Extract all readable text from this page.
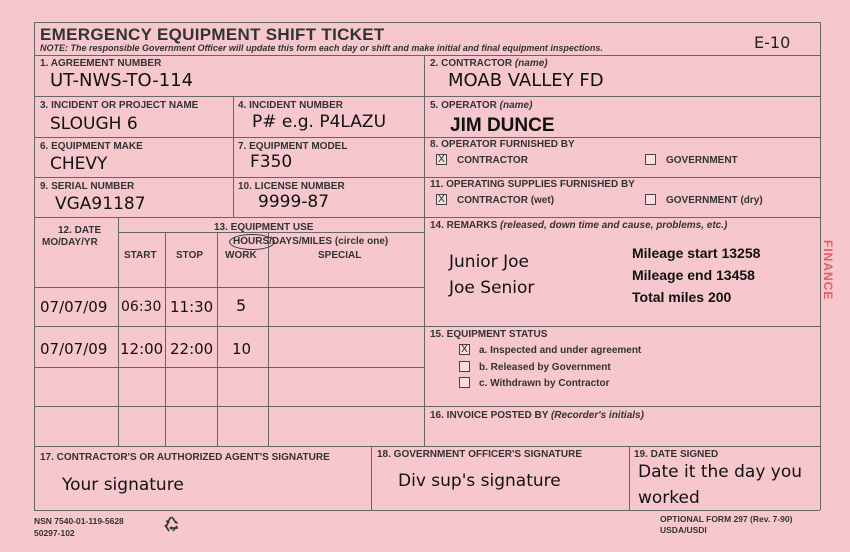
EMERGENCY EQUIPMENT SHIFT TICKET
NOTE: The responsible Government Officer will update this form each day or shift and make initial and final equipment inspections.	E-10
1. AGREEMENT NUMBER
UT-NWS-TO-114
2. CONTRACTOR (name)
MOAB VALLEY FD
3. INCIDENT OR PROJECT NAME
SLOUGH 6
4. INCIDENT NUMBER
P# e.g. P4LAZU
5. OPERATOR (name)
JIM DUNCE
6. EQUIPMENT MAKE
CHEVY
7. EQUIPMENT MODEL
F350
8. OPERATOR FURNISHED BY
X CONTRACTOR	GOVERNMENT
9. SERIAL NUMBER
VGA91187
10. LICENSE NUMBER
9999-87
11. OPERATING SUPPLIES FURNISHED BY
X CONTRACTOR (wet)	GOVERNMENT (dry)
12. DATE
MO/DAY/YR
13. EQUIPMENT USE
HOURS/DAYS/MILES (circle one)
START STOP WORK	SPECIAL
07/07/09 06:30 11:30 5
07/07/09 12:00 22:00 10
14. REMARKS (released, down time and cause, problems, etc.)
Junior Joe
Joe Senior
Mileage start 13258
Mileage end 13458
Total miles 200
15. EQUIPMENT STATUS
X a. Inspected and under agreement
b. Released by Government
c. Withdrawn by Contractor
16. INVOICE POSTED BY (Recorder's initials)
17. CONTRACTOR'S OR AUTHORIZED AGENT'S SIGNATURE
Your signature
18. GOVERNMENT OFFICER'S SIGNATURE
Div sup's signature
19. DATE SIGNED
Date it the day you
worked
NSN 7540-01-119-5628
50297-102
OPTIONAL FORM 297 (Rev. 7-90)
USDA/USDI
FINANCE
